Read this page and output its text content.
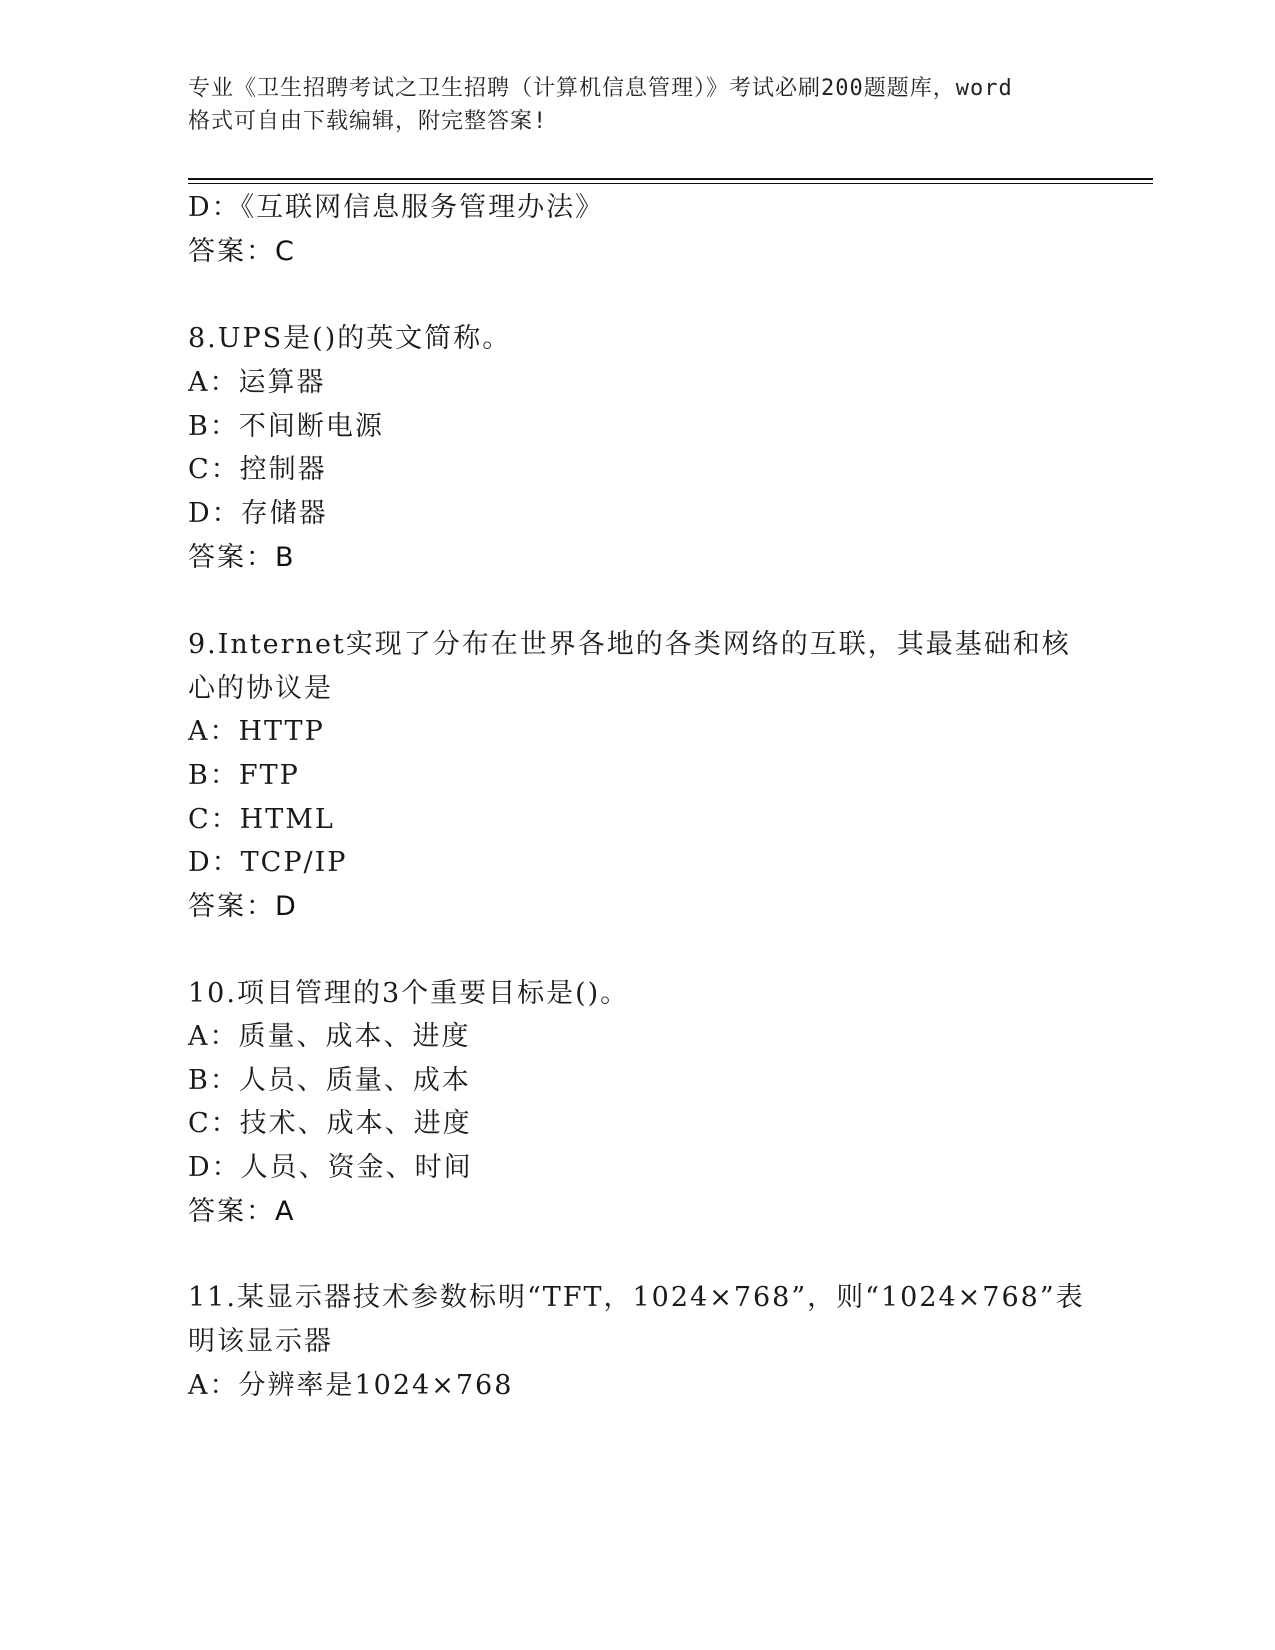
专业《卫生招聘考试之卫生招聘（计算机信息管理）》考试必刷200题题库，word
格式可自由下载编辑，附完整答案!
D：《互联网信息服务管理办法》
答案：C
8.UPS是()的英文简称。
A：运算器
B：不间断电源
C：控制器
D：存储器
答案：B
9.Internet实现了分布在世界各地的各类网络的互联，其最基础和核
心的协议是
A：HTTP
B：FTP
C：HTML
D：TCP/IP
答案：D
10.项目管理的3个重要目标是()。
A：质量、成本、进度
B：人员、质量、成本
C：技术、成本、进度
D：人员、资金、时间
答案：A
11.某显示器技术参数标明“TFT，1024×768”，则“1024×768”表
明该显示器
A：分辨率是1024×768
